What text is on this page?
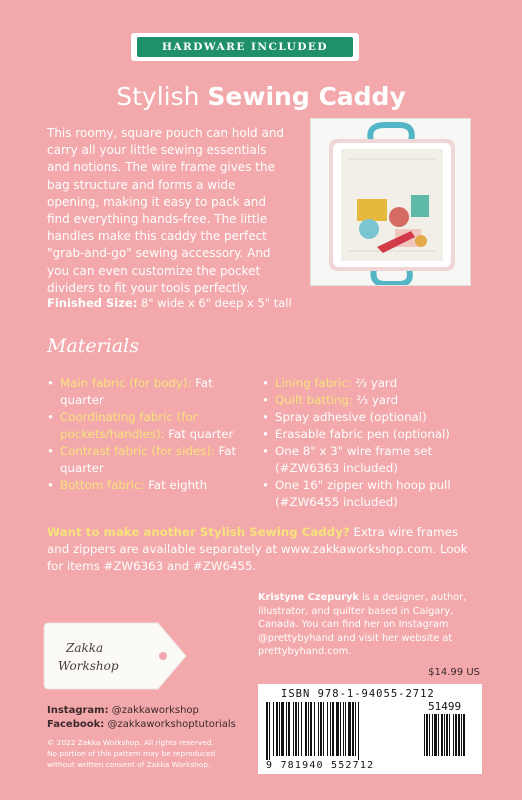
HARDWARE INCLUDED
Stylish Sewing Caddy

This roomy, square pouch can hold and carry all your little sewing essentials and notions. The wire frame gives the bag structure and forms a wide opening, making it easy to pack and find everything hands-free. The little handles make this caddy the perfect "grab-and-go" sewing accessory. And you can even customize the pocket dividers to fit your tools perfectly.

Finished Size: 8" wide x 6" deep x 5" tall
Materials
• Main fabric (for body): Fat quarter
• Coordinating fabric (for pockets/handles): Fat quarter
• Contrast fabric (for sides): Fat quarter
• Bottom fabric: Fat eighth
• Lining fabric: ⅔ yard
• Quilt batting: ⅔ yard
• Spray adhesive (optional)
• Erasable fabric pen (optional)
• One 8" x 3" wire frame set (#ZW6363 included)
• One 16" zipper with hoop pull (#ZW6455 included)

Want to make another Stylish Sewing Caddy? Extra wire frames and zippers are available separately at www.zakkaworkshop.com. Look for items #ZW6363 and #ZW6455.

Kristyne Czepuryk is a designer, author, illustrator, and quilter based in Calgary, Canada. You can find her on Instagram @prettybyhand and visit her website at prettybyhand.com.

Zakka
Workshop
Instagram: @zakkaworkshop
Facebook: @zakkaworkshoptutorials
© 2022 Zakka Workshop. All rights reserved.
No portion of this pattern may be reproduced
without written consent of Zakka Workshop.
$14.99 US
ISBN 978-1-94055-2712
51499
9 781940 552712
